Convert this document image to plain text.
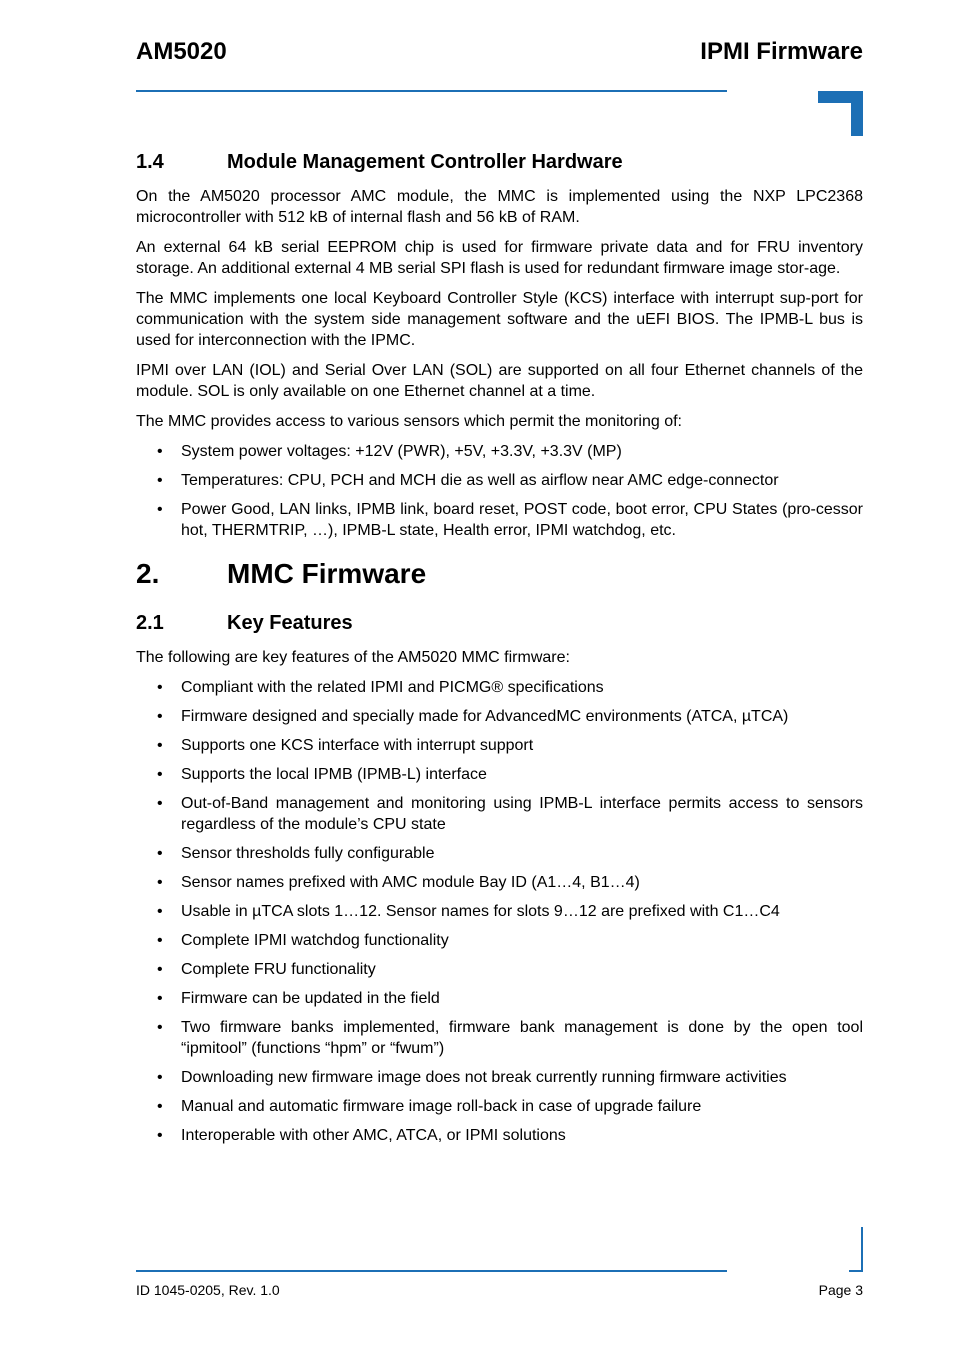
AM5020	IPMI Firmware
1.4	Module Management Controller Hardware

On the AM5020 processor AMC module, the MMC is implemented using the NXP LPC2368 microcontroller with 512 kB of internal flash and 56 kB of RAM.

An external 64 kB serial EEPROM chip is used for firmware private data and for FRU inventory storage. An additional external 4 MB serial SPI flash is used for redundant firmware image stor-age.

The MMC implements one local Keyboard Controller Style (KCS) interface with interrupt sup-port for communication with the system side management software and the uEFI BIOS. The IPMB-L bus is used for interconnection with the IPMC.

IPMI over LAN (IOL) and Serial Over LAN (SOL) are supported on all four Ethernet channels of the module. SOL is only available on one Ethernet channel at a time.

The MMC provides access to various sensors which permit the monitoring of:

• System power voltages: +12V (PWR), +5V, +3.3V, +3.3V (MP)
• Temperatures: CPU, PCH and MCH die as well as airflow near AMC edge-connector
• Power Good, LAN links, IPMB link, board reset, POST code, boot error, CPU States (pro-cessor hot, THERMTRIP, …), IPMB-L state, Health error, IPMI watchdog, etc.
2. MMC Firmware
2.1	Key Features

The following are key features of the AM5020 MMC firmware:

• Compliant with the related IPMI and PICMG® specifications
• Firmware designed and specially made for AdvancedMC environments (ATCA, µTCA)
• Supports one KCS interface with interrupt support
• Supports the local IPMB (IPMB-L) interface
• Out-of-Band management and monitoring using IPMB-L interface permits access to sensors regardless of the module’s CPU state
• Sensor thresholds fully configurable
• Sensor names prefixed with AMC module Bay ID (A1…4, B1…4)
• Usable in µTCA slots 1…12. Sensor names for slots 9…12 are prefixed with C1…C4
• Complete IPMI watchdog functionality
• Complete FRU functionality
• Firmware can be updated in the field
• Two firmware banks implemented, firmware bank management is done by the open tool “ipmitool” (functions “hpm” or “fwum”)
• Downloading new firmware image does not break currently running firmware activities
• Manual and automatic firmware image roll-back in case of upgrade failure
• Interoperable with other AMC, ATCA, or IPMI solutions
ID 1045-0205, Rev. 1.0	Page 3
